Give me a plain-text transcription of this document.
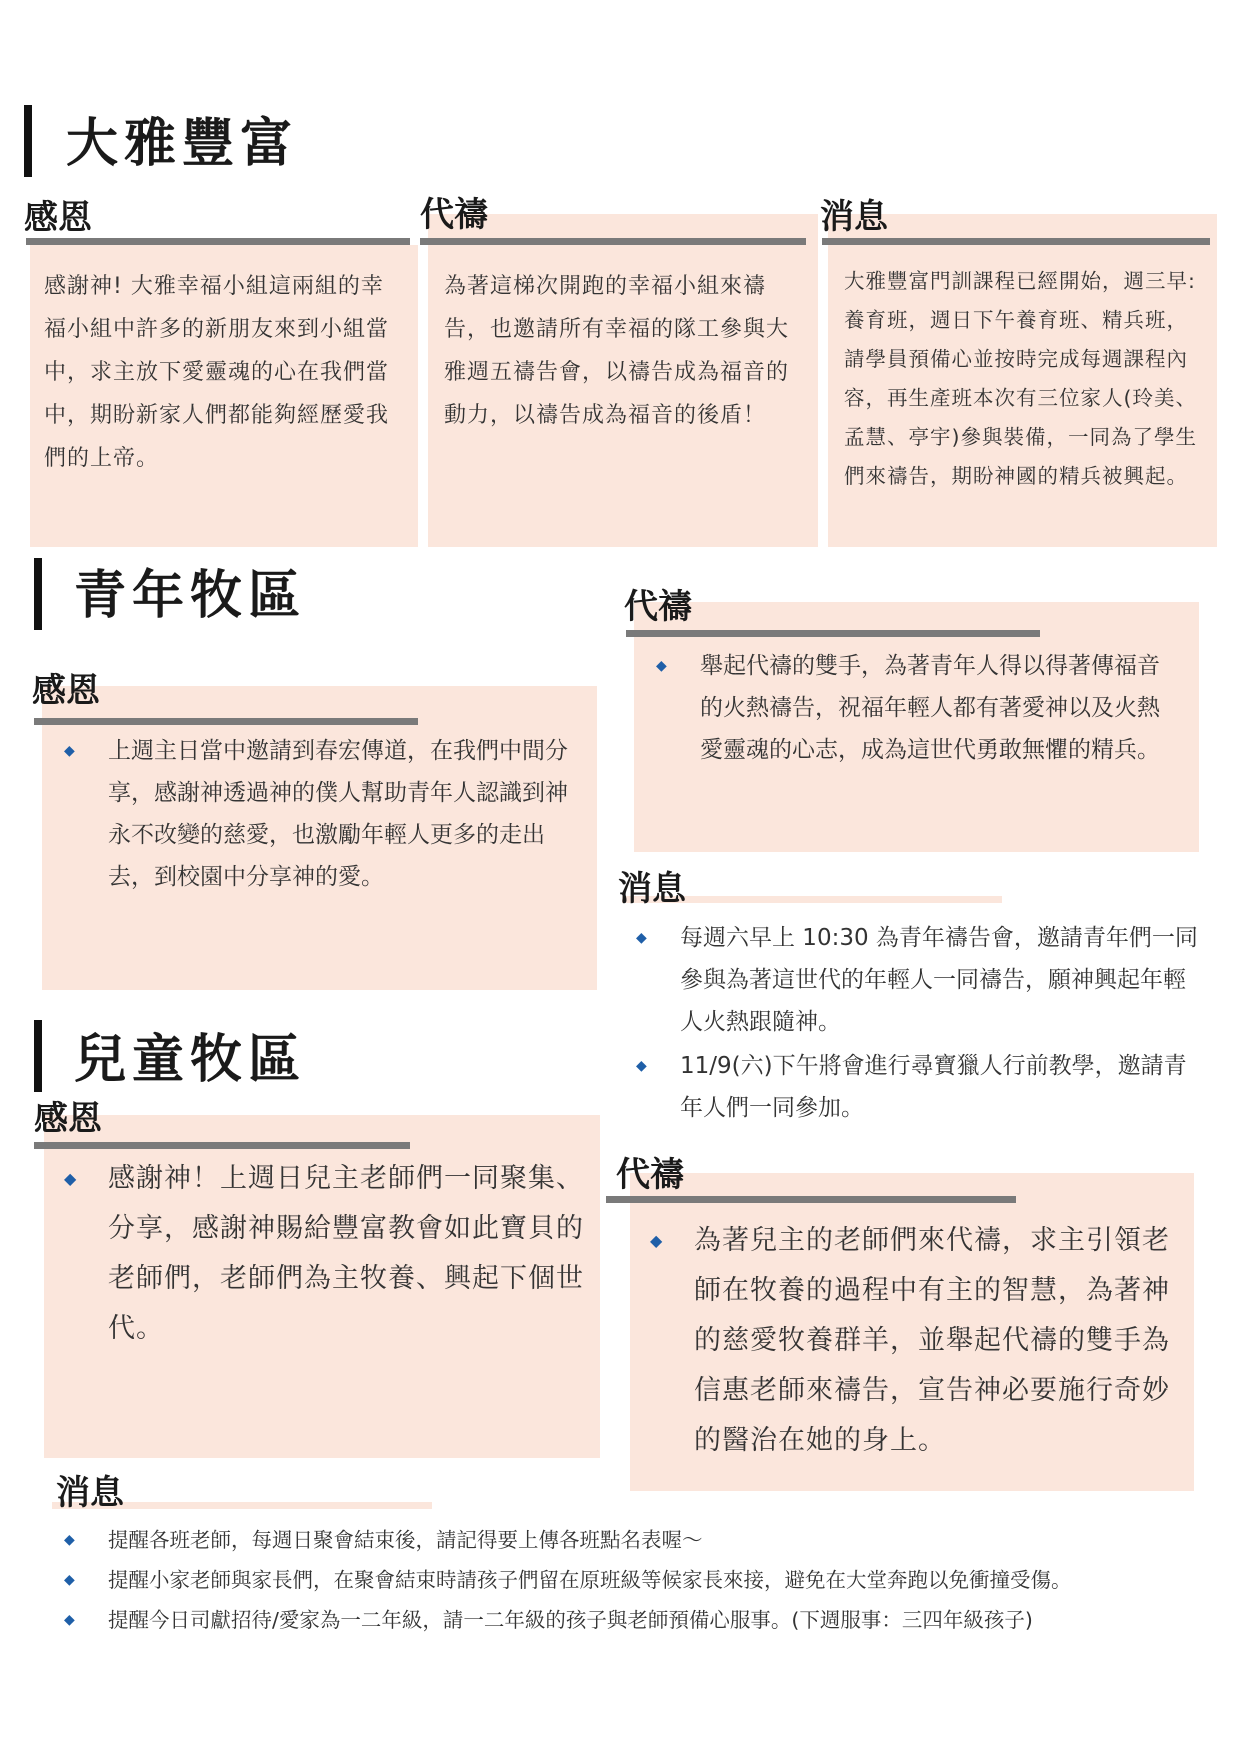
大雅豐富
感恩
感謝神! 大雅幸福小組這兩組的幸福小組中許多的新朋友來到小組當中，求主放下愛靈魂的心在我們當中，期盼新家人們都能夠經歷愛我們的上帝。
代禱
為著這梯次開跑的幸福小組來禱告，也邀請所有幸福的隊工參與大雅週五禱告會，以禱告成為福音的動力，以禱告成為福音的後盾！
消息
大雅豐富門訓課程已經開始，週三早:養育班，週日下午養育班、精兵班，請學員預備心並按時完成每週課程內容，再生產班本次有三位家人(玲美、孟慧、亭宇)參與裝備，一同為了學生們來禱告，期盼神國的精兵被興起。
青年牧區
感恩
◆ 上週主日當中邀請到春宏傳道，在我們中間分享，感謝神透過神的僕人幫助青年人認識到神永不改變的慈愛，也激勵年輕人更多的走出去，到校園中分享神的愛。
代禱
◆ 舉起代禱的雙手，為著青年人得以得著傳福音的火熱禱告，祝福年輕人都有著愛神以及火熱愛靈魂的心志，成為這世代勇敢無懼的精兵。
消息
◆ 每週六早上 10:30 為青年禱告會，邀請青年們一同參與為著這世代的年輕人一同禱告，願神興起年輕人火熱跟隨神。
◆ 11/9(六)下午將會進行尋寶獵人行前教學，邀請青年人們一同參加。
兒童牧區
感恩
◆ 感謝神！上週日兒主老師們一同聚集、分享，感謝神賜給豐富教會如此寶貝的老師們，老師們為主牧養、興起下個世代。
代禱
◆ 為著兒主的老師們來代禱，求主引領老師在牧養的過程中有主的智慧，為著神的慈愛牧養群羊，並舉起代禱的雙手為信惠老師來禱告，宣告神必要施行奇妙的醫治在她的身上。
消息
◆ 提醒各班老師，每週日聚會結束後，請記得要上傳各班點名表喔～
◆ 提醒小家老師與家長們，在聚會結束時請孩子們留在原班級等候家長來接，避免在大堂奔跑以免衝撞受傷。
◆ 提醒今日司獻招待/愛家為一二年級，請一二年級的孩子與老師預備心服事。(下週服事：三四年級孩子)
